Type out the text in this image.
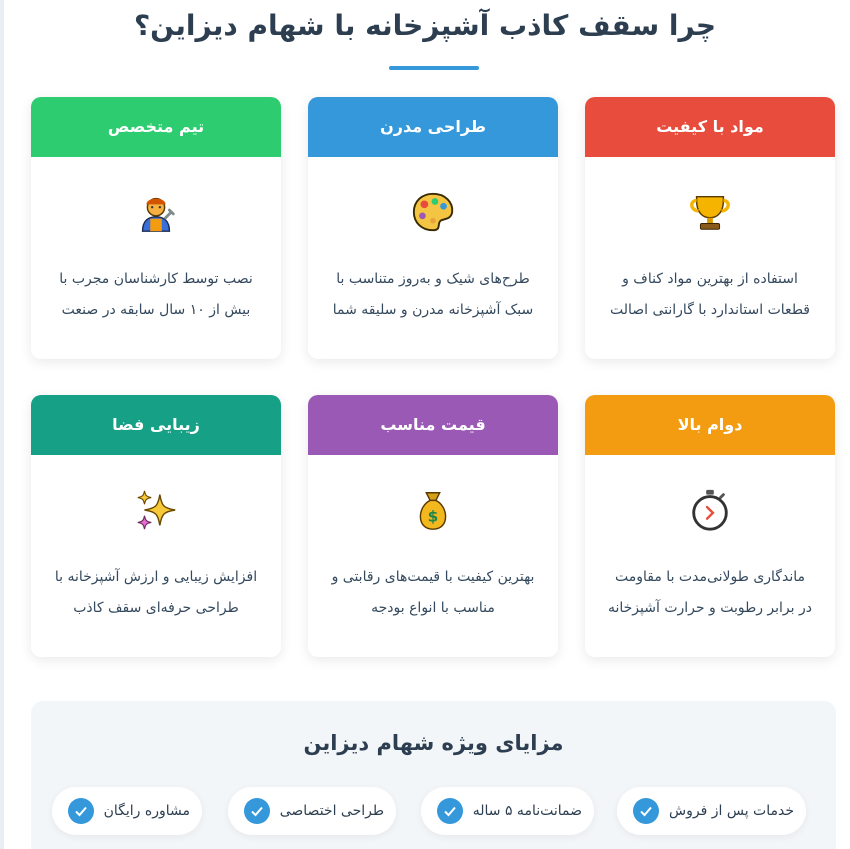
چرا سقف کاذب آشپزخانه با شهام دیزاین؟
مواد با کیفیت

استفاده از بهترین مواد کناف و قطعات استاندارد با گارانتی اصالت

طراحی مدرن

طرح‌های شیک و به‌روز متناسب با سبک آشپزخانه مدرن و سلیقه شما

تیم متخصص

نصب توسط کارشناسان مجرب با بیش از ۱۰ سال سابقه در صنعت

دوام بالا

ماندگاری طولانی‌مدت با مقاومت در برابر رطوبت و حرارت آشپزخانه

قیمت مناسب
$

بهترین کیفیت با قیمت‌های رقابتی و مناسب با انواع بودجه

زیبایی فضا

افزایش زیبایی و ارزش آشپزخانه با طراحی حرفه‌ای سقف کاذب

مزایای ویژه شهام دیزاین
خدمات پس از فروش
ضمانت‌نامه ۵ ساله
طراحی اختصاصی
مشاوره رایگان
